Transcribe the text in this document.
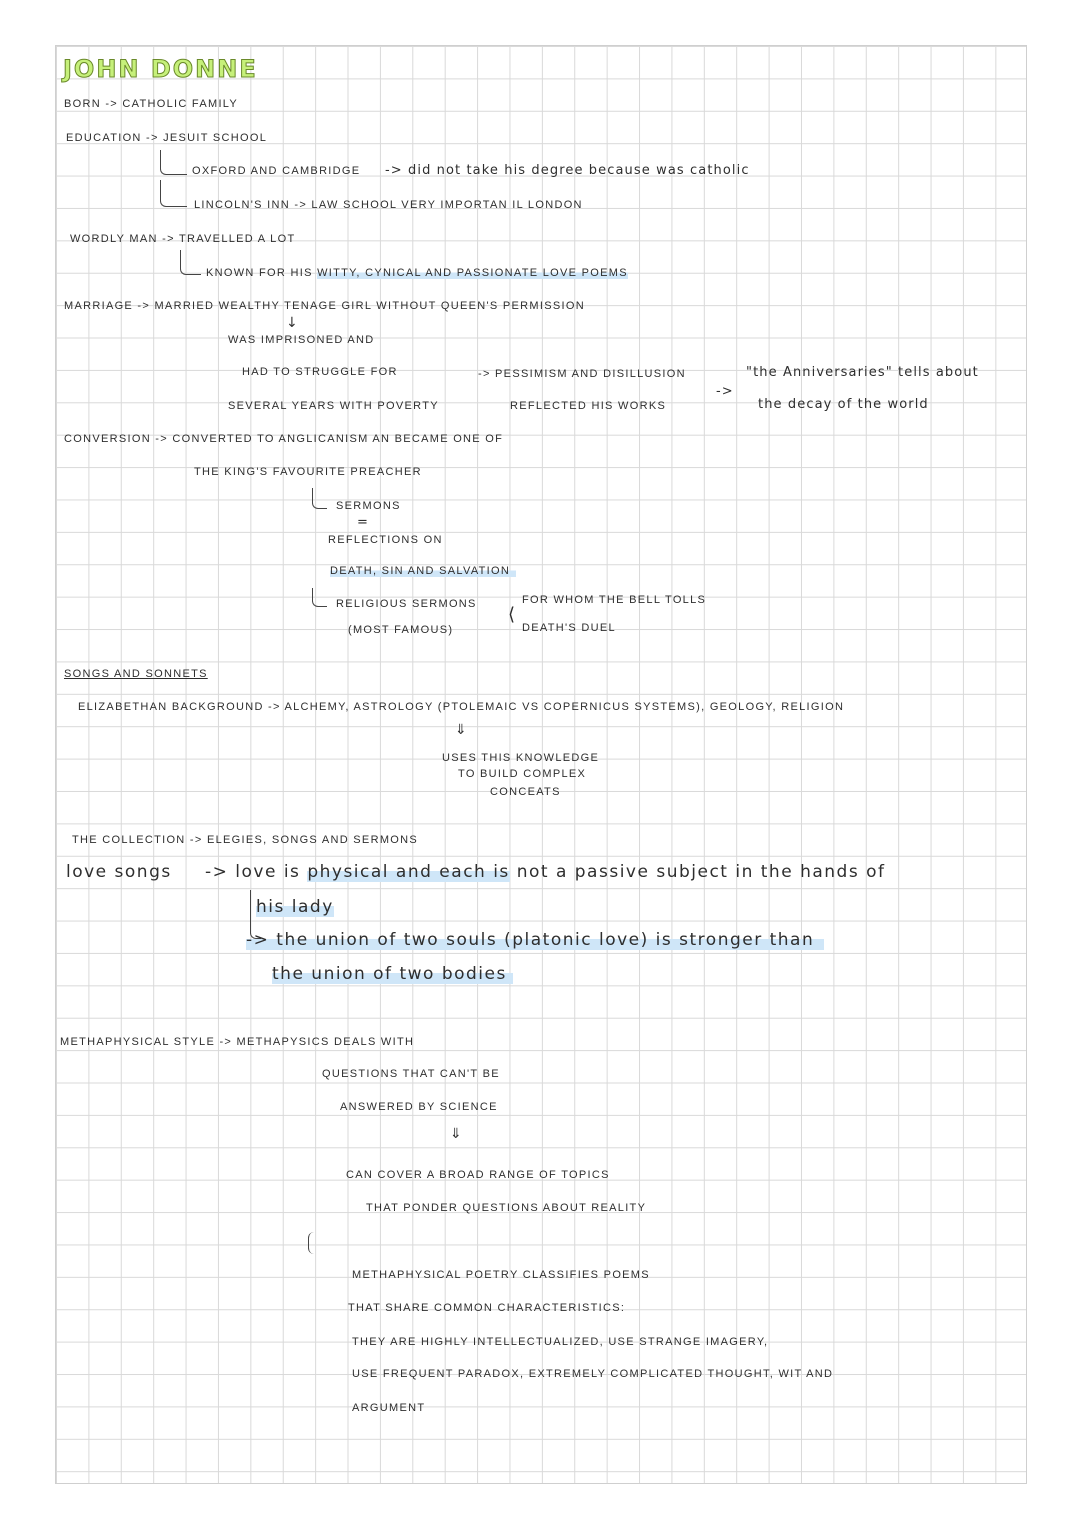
JOHN DONNE
BORN -> CATHOLIC FAMILY
EDUCATION -> JESUIT SCHOOL
OXFORD AND CAMBRIDGE -> did not take his degree because was catholic
LINCOLN'S INN -> LAW SCHOOL VERY IMPORTAN IL LONDON
WORDLY MAN -> TRAVELLED A LOT
KNOWN FOR HIS WITTY, CYNICAL AND PASSIONATE LOVE POEMS
MARRIAGE -> MARRIED WEALTHY TENAGE GIRL WITHOUT QUEEN'S PERMISSION
↓
WAS IMPRISONED AND
HAD TO STRUGGLE FOR
SEVERAL YEARS WITH POVERTY
-> PESSIMISM AND DISILLUSION
REFLECTED HIS WORKS
->
"the Anniversaries" tells about
the decay of the world
CONVERSION -> CONVERTED TO ANGLICANISM AN BECAME ONE OF
THE KING'S FAVOURITE PREACHER
SERMONS
=
REFLECTIONS ON
DEATH, SIN AND SALVATION
RELIGIOUS SERMONS
(MOST FAMOUS)
⟨
FOR WHOM THE BELL TOLLS
DEATH'S DUEL
SONGS AND SONNETS
ELIZABETHAN BACKGROUND -> ALCHEMY, ASTROLOGY (PTOLEMAIC VS COPERNICUS SYSTEMS), GEOLOGY, RELIGION
⇓
USES THIS KNOWLEDGE
TO BUILD COMPLEX
CONCEATS
THE COLLECTION -> ELEGIES, SONGS AND SERMONS
love songs -> love is physical and each is not a passive subject in the hands of
his lady
-> the union of two souls (platonic love) is stronger than
the union of two bodies
METHAPHYSICAL STYLE -> METHAPYSICS DEALS WITH
QUESTIONS THAT CAN'T BE
ANSWERED BY SCIENCE
⇓
CAN COVER A BROAD RANGE OF TOPICS
THAT PONDER QUESTIONS ABOUT REALITY
METHAPHYSICAL POETRY CLASSIFIES POEMS
THAT SHARE COMMON CHARACTERISTICS:
THEY ARE HIGHLY INTELLECTUALIZED, USE STRANGE IMAGERY,
USE FREQUENT PARADOX, EXTREMELY COMPLICATED THOUGHT, WIT AND
ARGUMENT
